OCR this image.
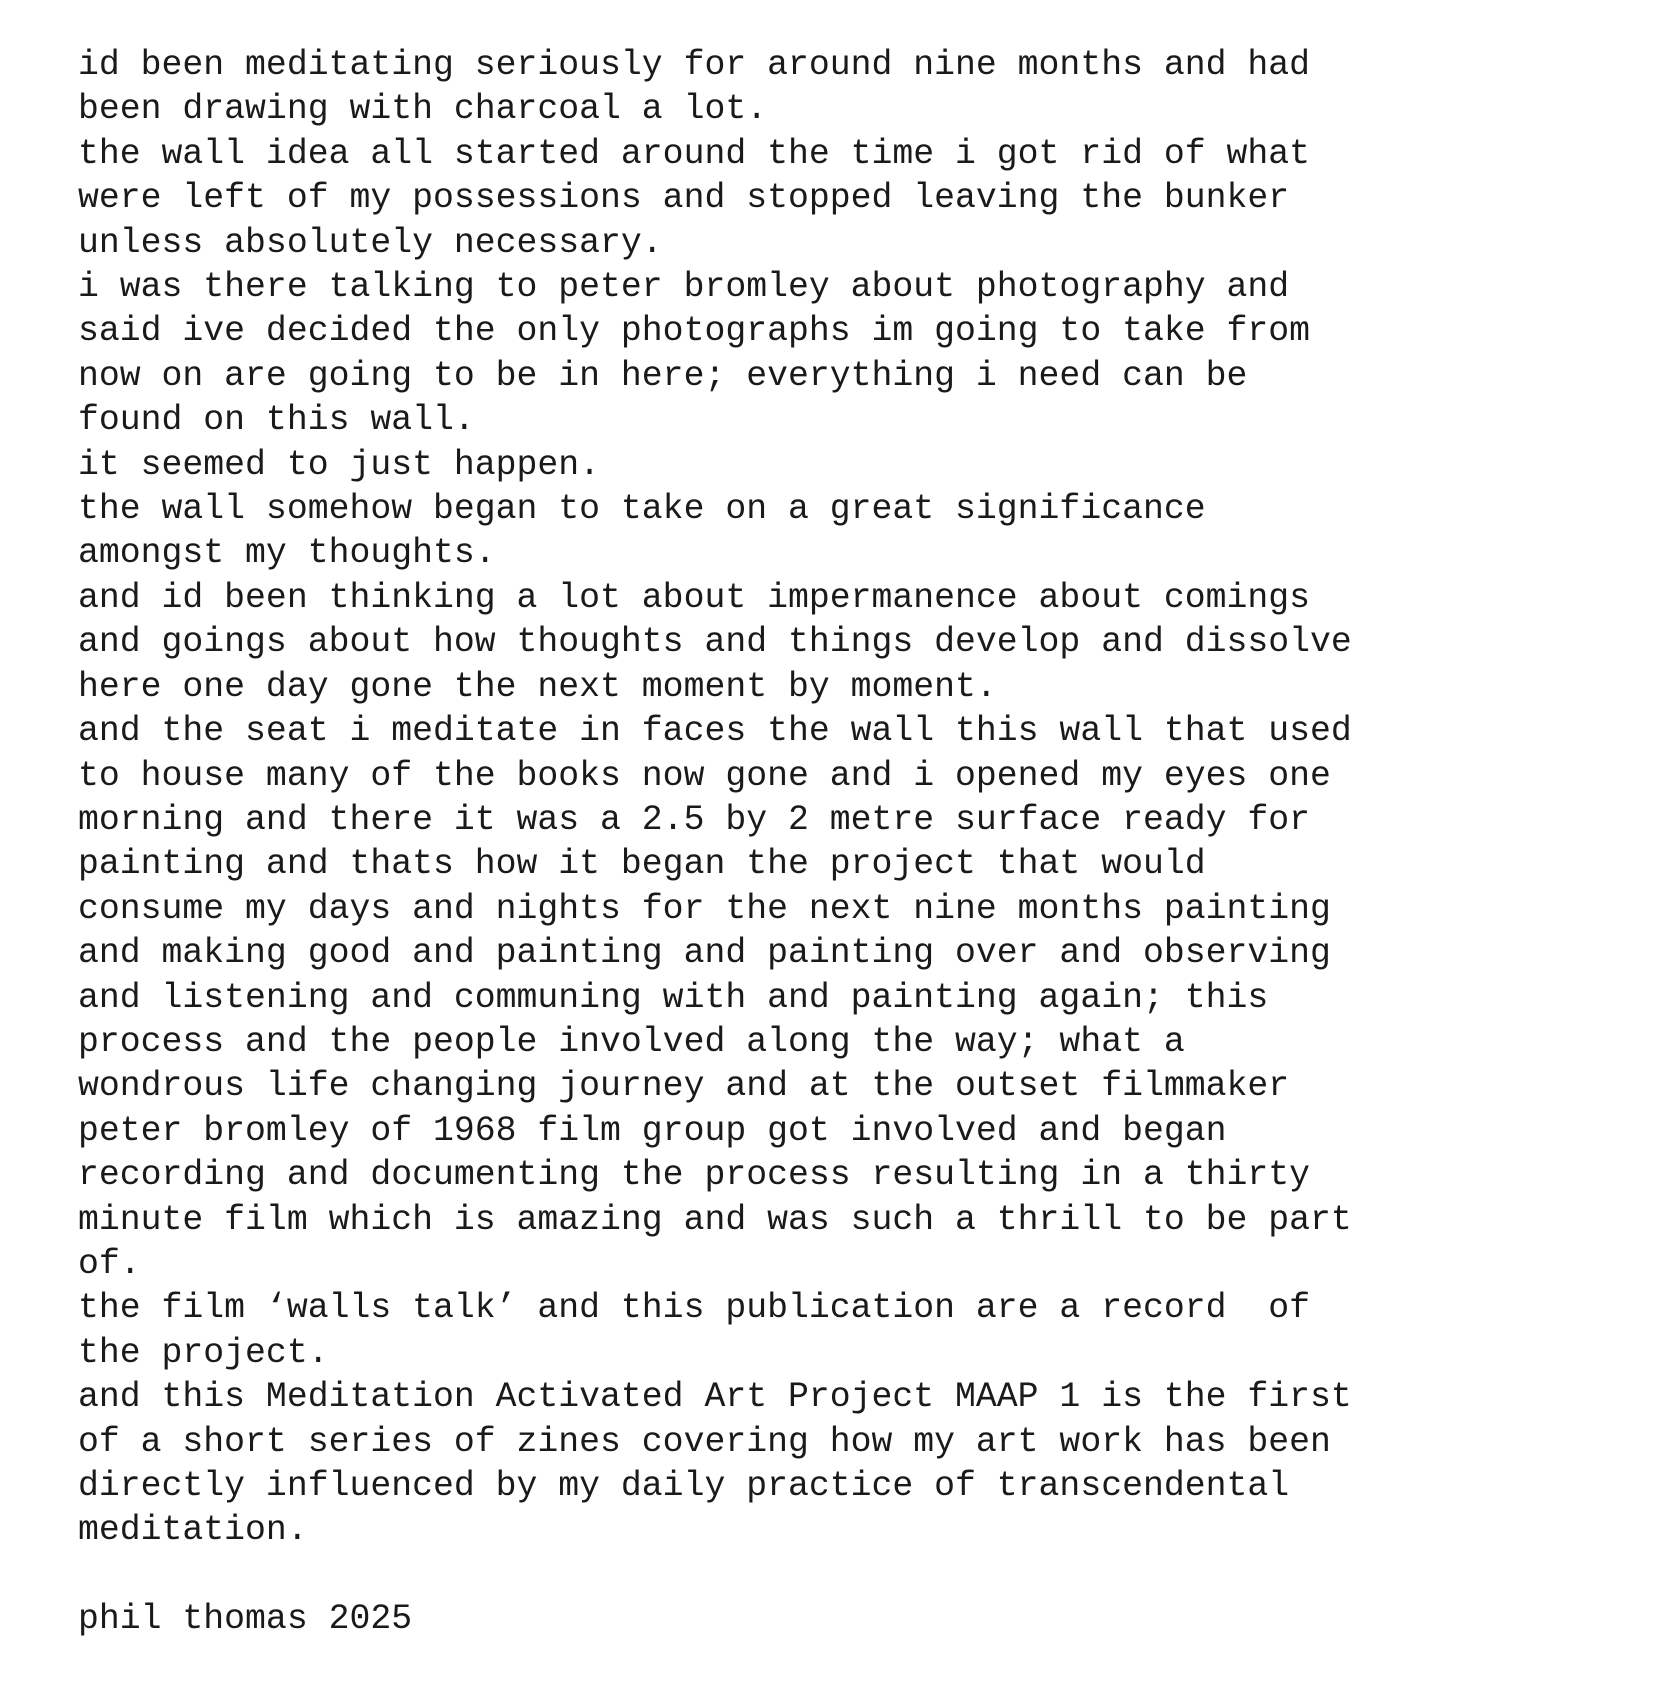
id been meditating seriously for around nine months and had
been drawing with charcoal a lot.
the wall idea all started around the time i got rid of what
were left of my possessions and stopped leaving the bunker
unless absolutely necessary.
i was there talking to peter bromley about photography and
said ive decided the only photographs im going to take from
now on are going to be in here; everything i need can be
found on this wall.
it seemed to just happen.
the wall somehow began to take on a great significance
amongst my thoughts.
and id been thinking a lot about impermanence about comings
and goings about how thoughts and things develop and dissolve
here one day gone the next moment by moment.
and the seat i meditate in faces the wall this wall that used
to house many of the books now gone and i opened my eyes one
morning and there it was a 2.5 by 2 metre surface ready for
painting and thats how it began the project that would
consume my days and nights for the next nine months painting
and making good and painting and painting over and observing
and listening and communing with and painting again; this
process and the people involved along the way; what a
wondrous life changing journey and at the outset filmmaker
peter bromley of 1968 film group got involved and began
recording and documenting the process resulting in a thirty
minute film which is amazing and was such a thrill to be part
of.
the film ‘walls talk’ and this publication are a record  of
the project.
and this Meditation Activated Art Project MAAP 1 is the first
of a short series of zines covering how my art work has been
directly influenced by my daily practice of transcendental
meditation.
phil thomas 2025
